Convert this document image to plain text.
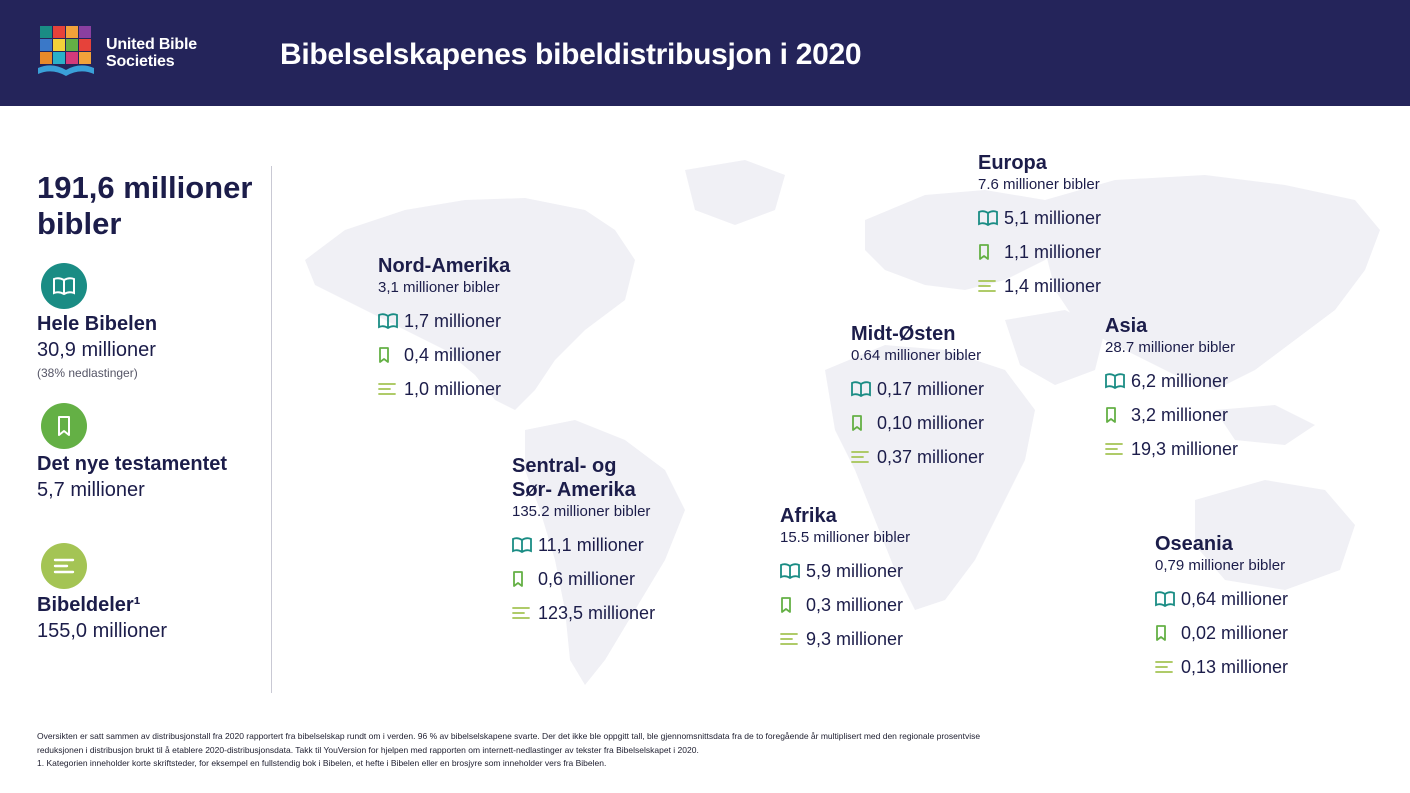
United Bible
Societies	Bibelselskapenes bibeldistribusjon i 2020
191,6 millioner
bibler
Hele Bibelen
30,9 millioner
(38% nedlastinger)
Det nye testamentet
5,7 millioner
Bibeldeler¹
155,0 millioner
Nord-Amerika
3,1 millioner bibler
1,7 millioner
0,4 millioner
1,0 millioner
Sentral- og
Sør- Amerika
135.2 millioner bibler
11,1 millioner
0,6 millioner
123,5 millioner
Europa
7.6 millioner bibler
5,1 millioner
1,1 millioner
1,4 millioner
Midt-Østen
0.64 millioner bibler
0,17 millioner
0,10 millioner
0,37 millioner
Asia
28.7 millioner bibler
6,2 millioner
3,2 millioner
19,3 millioner
Afrika
15.5 millioner bibler
5,9 millioner
0,3 millioner
9,3 millioner
Oseania
0,79 millioner bibler
0,64 millioner
0,02 millioner
0,13 millioner
Oversikten er satt sammen av distribusjonstall fra 2020 rapportert fra bibelselskap rundt om i verden. 96 % av bibelselskapene svarte. Der det ikke ble oppgitt tall, ble gjennomsnittsdata fra de to foregående år multiplisert med den regionale prosentvise
reduksjonen i distribusjon brukt til å etablere 2020-distribusjonsdata. Takk til YouVersion for hjelpen med rapporten om internett-nedlastinger av tekster fra Bibelselskapet i 2020.
1. Kategorien inneholder korte skriftsteder, for eksempel en fullstendig bok i Bibelen, et hefte i Bibelen eller en brosjyre som inneholder vers fra Bibelen.
